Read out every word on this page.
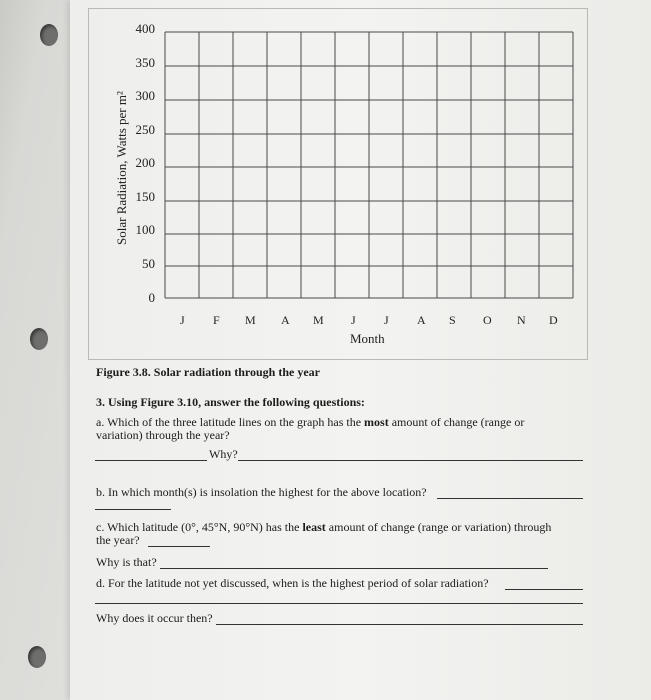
Solar Radiation, Watts per m²
400
350
300
250
200
150
100
50
0
J F M A M J J A S O N D
Month
Figure 3.8. Solar radiation through the year
3. Using Figure 3.10, answer the following questions:
a. Which of the three latitude lines on the graph has the most amount of change (range or
variation) through the year?
Why?
b. In which month(s) is insolation the highest for the above location?
c. Which latitude (0°, 45°N, 90°N) has the least amount of change (range or variation) through
the year?
Why is that?
d. For the latitude not yet discussed, when is the highest period of solar radiation?
Why does it occur then?
